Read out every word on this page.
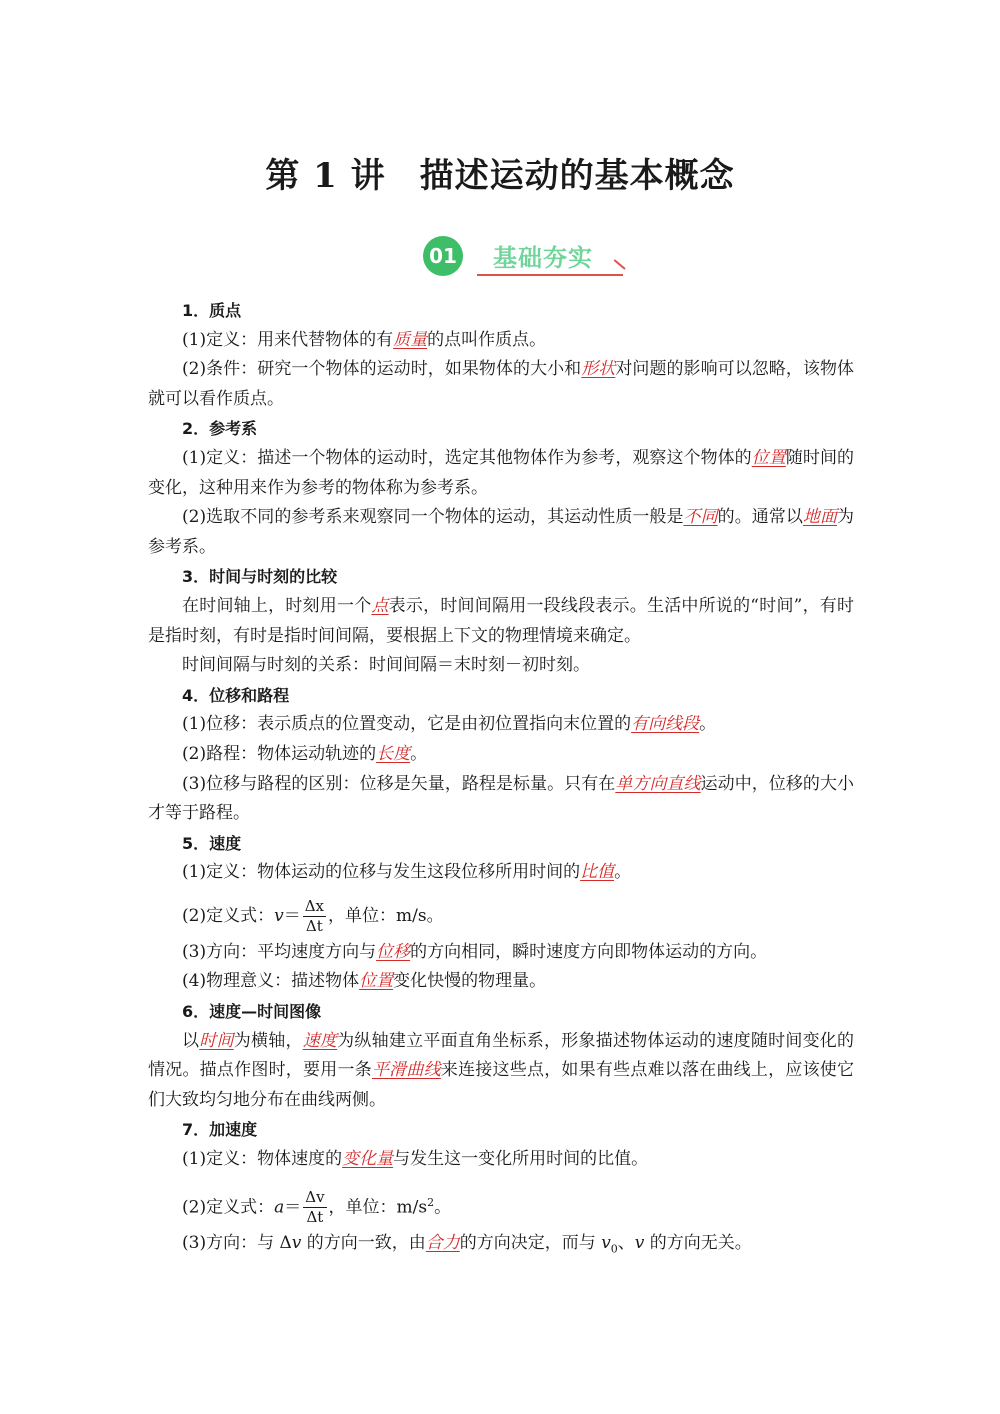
第 1 讲 描述运动的基本概念
01 基础夯实

1．质点

(1)定义：用来代替物体的有质量的点叫作质点。

(2)条件：研究一个物体的运动时，如果物体的大小和形状对问题的影响可以忽略，该物体就可以看作质点。

2．参考系

(1)定义：描述一个物体的运动时，选定其他物体作为参考，观察这个物体的位置随时间的变化，这种用来作为参考的物体称为参考系。

(2)选取不同的参考系来观察同一个物体的运动，其运动性质一般是不同的。通常以地面为参考系。

3．时间与时刻的比较

在时间轴上，时刻用一个点表示，时间间隔用一段线段表示。生活中所说的“时间”，有时是指时刻，有时是指时间间隔，要根据上下文的物理情境来确定。

时间间隔与时刻的关系：时间间隔＝末时刻－初时刻。

4．位移和路程

(1)位移：表示质点的位置变动，它是由初位置指向末位置的有向线段。

(2)路程：物体运动轨迹的长度。

(3)位移与路程的区别：位移是矢量，路程是标量。只有在单方向直线运动中，位移的大小才等于路程。

5．速度

(1)定义：物体运动的位移与发生这段位移所用时间的比值。

(2)定义式：$v= \frac{\Delta x}{\Delta t}$ ，单位：m/s。

(3)方向：平均速度方向与位移的方向相同，瞬时速度方向即物体运动的方向。

(4)物理意义：描述物体位置变化快慢的物理量。

6．速度—时间图像

以时间为横轴，速度为纵轴建立平面直角坐标系，形象描述物体运动的速度随时间变化的情况。描点作图时，要用一条平滑曲线来连接这些点，如果有些点难以落在曲线上，应该使它们大致均匀地分布在曲线两侧。

7．加速度

(1)定义：物体速度的变化量与发生这一变化所用时间的比值。

(2)定义式：$a= \frac{\Delta v}{\Delta t}$ ，单位：$m/s^2$。

(3)方向：与 Δv 的方向一致，由合力的方向决定，而与 $v_0$、v 的方向无关。
